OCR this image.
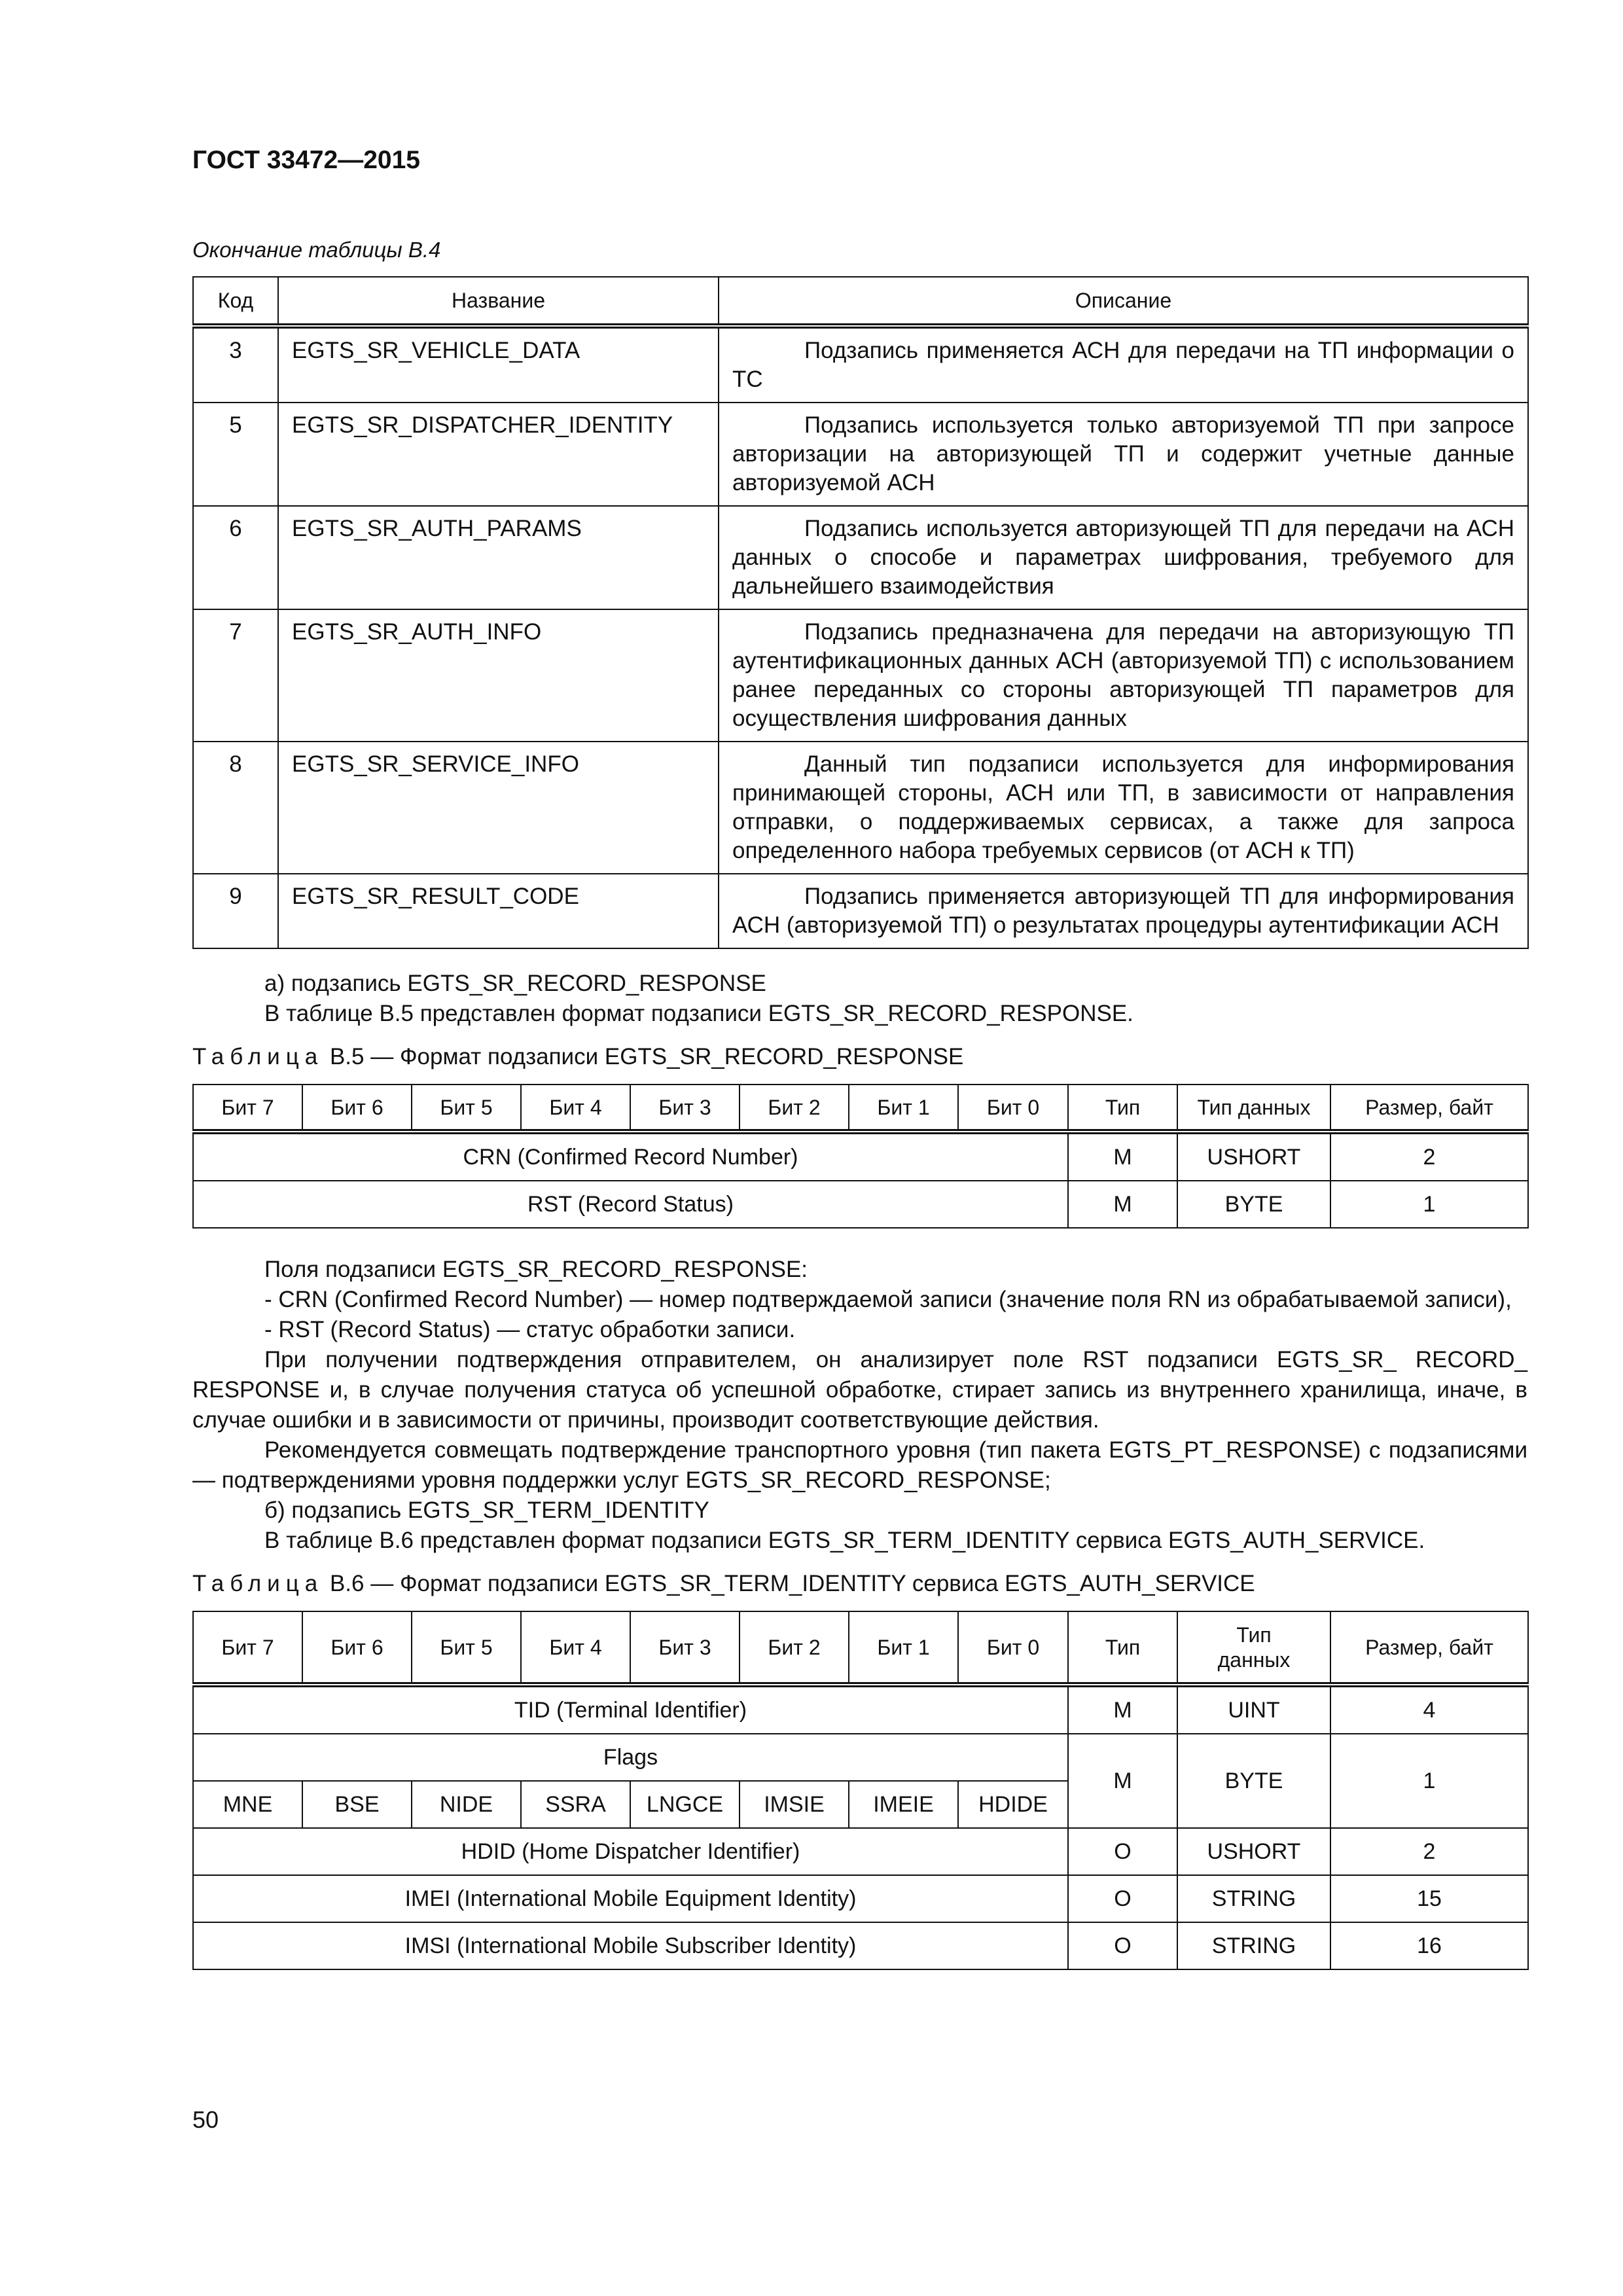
ГОСТ 33472—2015
Окончание таблицы В.4
Код	Название	Описание
3	EGTS_SR_VEHICLE_DATA	Подзапись применяется АСН для передачи на ТП информации о ТС
5	EGTS_SR_DISPATCHER_IDENTITY	Подзапись используется только авторизуемой ТП при запросе авторизации на авторизующей ТП и содержит учетные данные авторизуемой АСН
6	EGTS_SR_AUTH_PARAMS	Подзапись используется авторизующей ТП для передачи на АСН данных о способе и параметрах шифрования, требуемого для дальнейшего взаимодействия
7	EGTS_SR_AUTH_INFO	Подзапись предназначена для передачи на авторизующую ТП аутентификационных данных АСН (авторизуемой ТП) с использованием ранее переданных со стороны авторизующей ТП параметров для осуществления шифрования данных
8	EGTS_SR_SERVICE_INFO	Данный тип подзаписи используется для информирования принимающей стороны, АСН или ТП, в зависимости от направления отправки, о поддерживаемых сервисах, а также для запроса определенного набора требуемых сервисов (от АСН к ТП)
9	EGTS_SR_RESULT_CODE	Подзапись применяется авторизующей ТП для информирования АСН (авторизуемой ТП) о результатах процедуры аутентификации АСН
а) подзапись EGTS_SR_RECORD_RESPONSE
В таблице В.5 представлен формат подзаписи EGTS_SR_RECORD_RESPONSE.
Таблица В.5 — Формат подзаписи EGTS_SR_RECORD_RESPONSE
Бит 7	Бит 6	Бит 5	Бит 4	Бит 3	Бит 2	Бит 1	Бит 0	Тип	Тип данных	Размер, байт
CRN (Confirmed Record Number)								M	USHORT	2
RST (Record Status)								M	BYTE	1
Поля подзаписи EGTS_SR_RECORD_RESPONSE:
- CRN (Confirmed Record Number) — номер подтверждаемой записи (значение поля RN из обрабатываемой записи),
- RST (Record Status) — статус обработки записи.
При получении подтверждения отправителем, он анализирует поле RST подзаписи EGTS_SR_ RECORD_ RESPONSE и, в случае получения статуса об успешной обработке, стирает запись из внутреннего хранилища, иначе, в случае ошибки и в зависимости от причины, производит соответствующие действия.
Рекомендуется совмещать подтверждение транспортного уровня (тип пакета EGTS_PT_RESPONSE) с подзаписями — подтверждениями уровня поддержки услуг EGTS_SR_RECORD_RESPONSE;
б) подзапись EGTS_SR_TERM_IDENTITY
В таблице В.6 представлен формат подзаписи EGTS_SR_TERM_IDENTITY сервиса EGTS_AUTH_SERVICE.
Таблица В.6 — Формат подзаписи EGTS_SR_TERM_IDENTITY сервиса EGTS_AUTH_SERVICE
Бит 7	Бит 6	Бит 5	Бит 4	Бит 3	Бит 2	Бит 1	Бит 0	Тип	Тип данных	Размер, байт
TID (Terminal Identifier)								M	UINT	4
Flags								M	BYTE	1
MNE	BSE	NIDE	SSRA	LNGCE	IMSIE	IMEIE	HDIDE			
HDID (Home Dispatcher Identifier)								O	USHORT	2
IMEI (International Mobile Equipment Identity)								O	STRING	15
IMSI (International Mobile Subscriber Identity)								O	STRING	16
50
